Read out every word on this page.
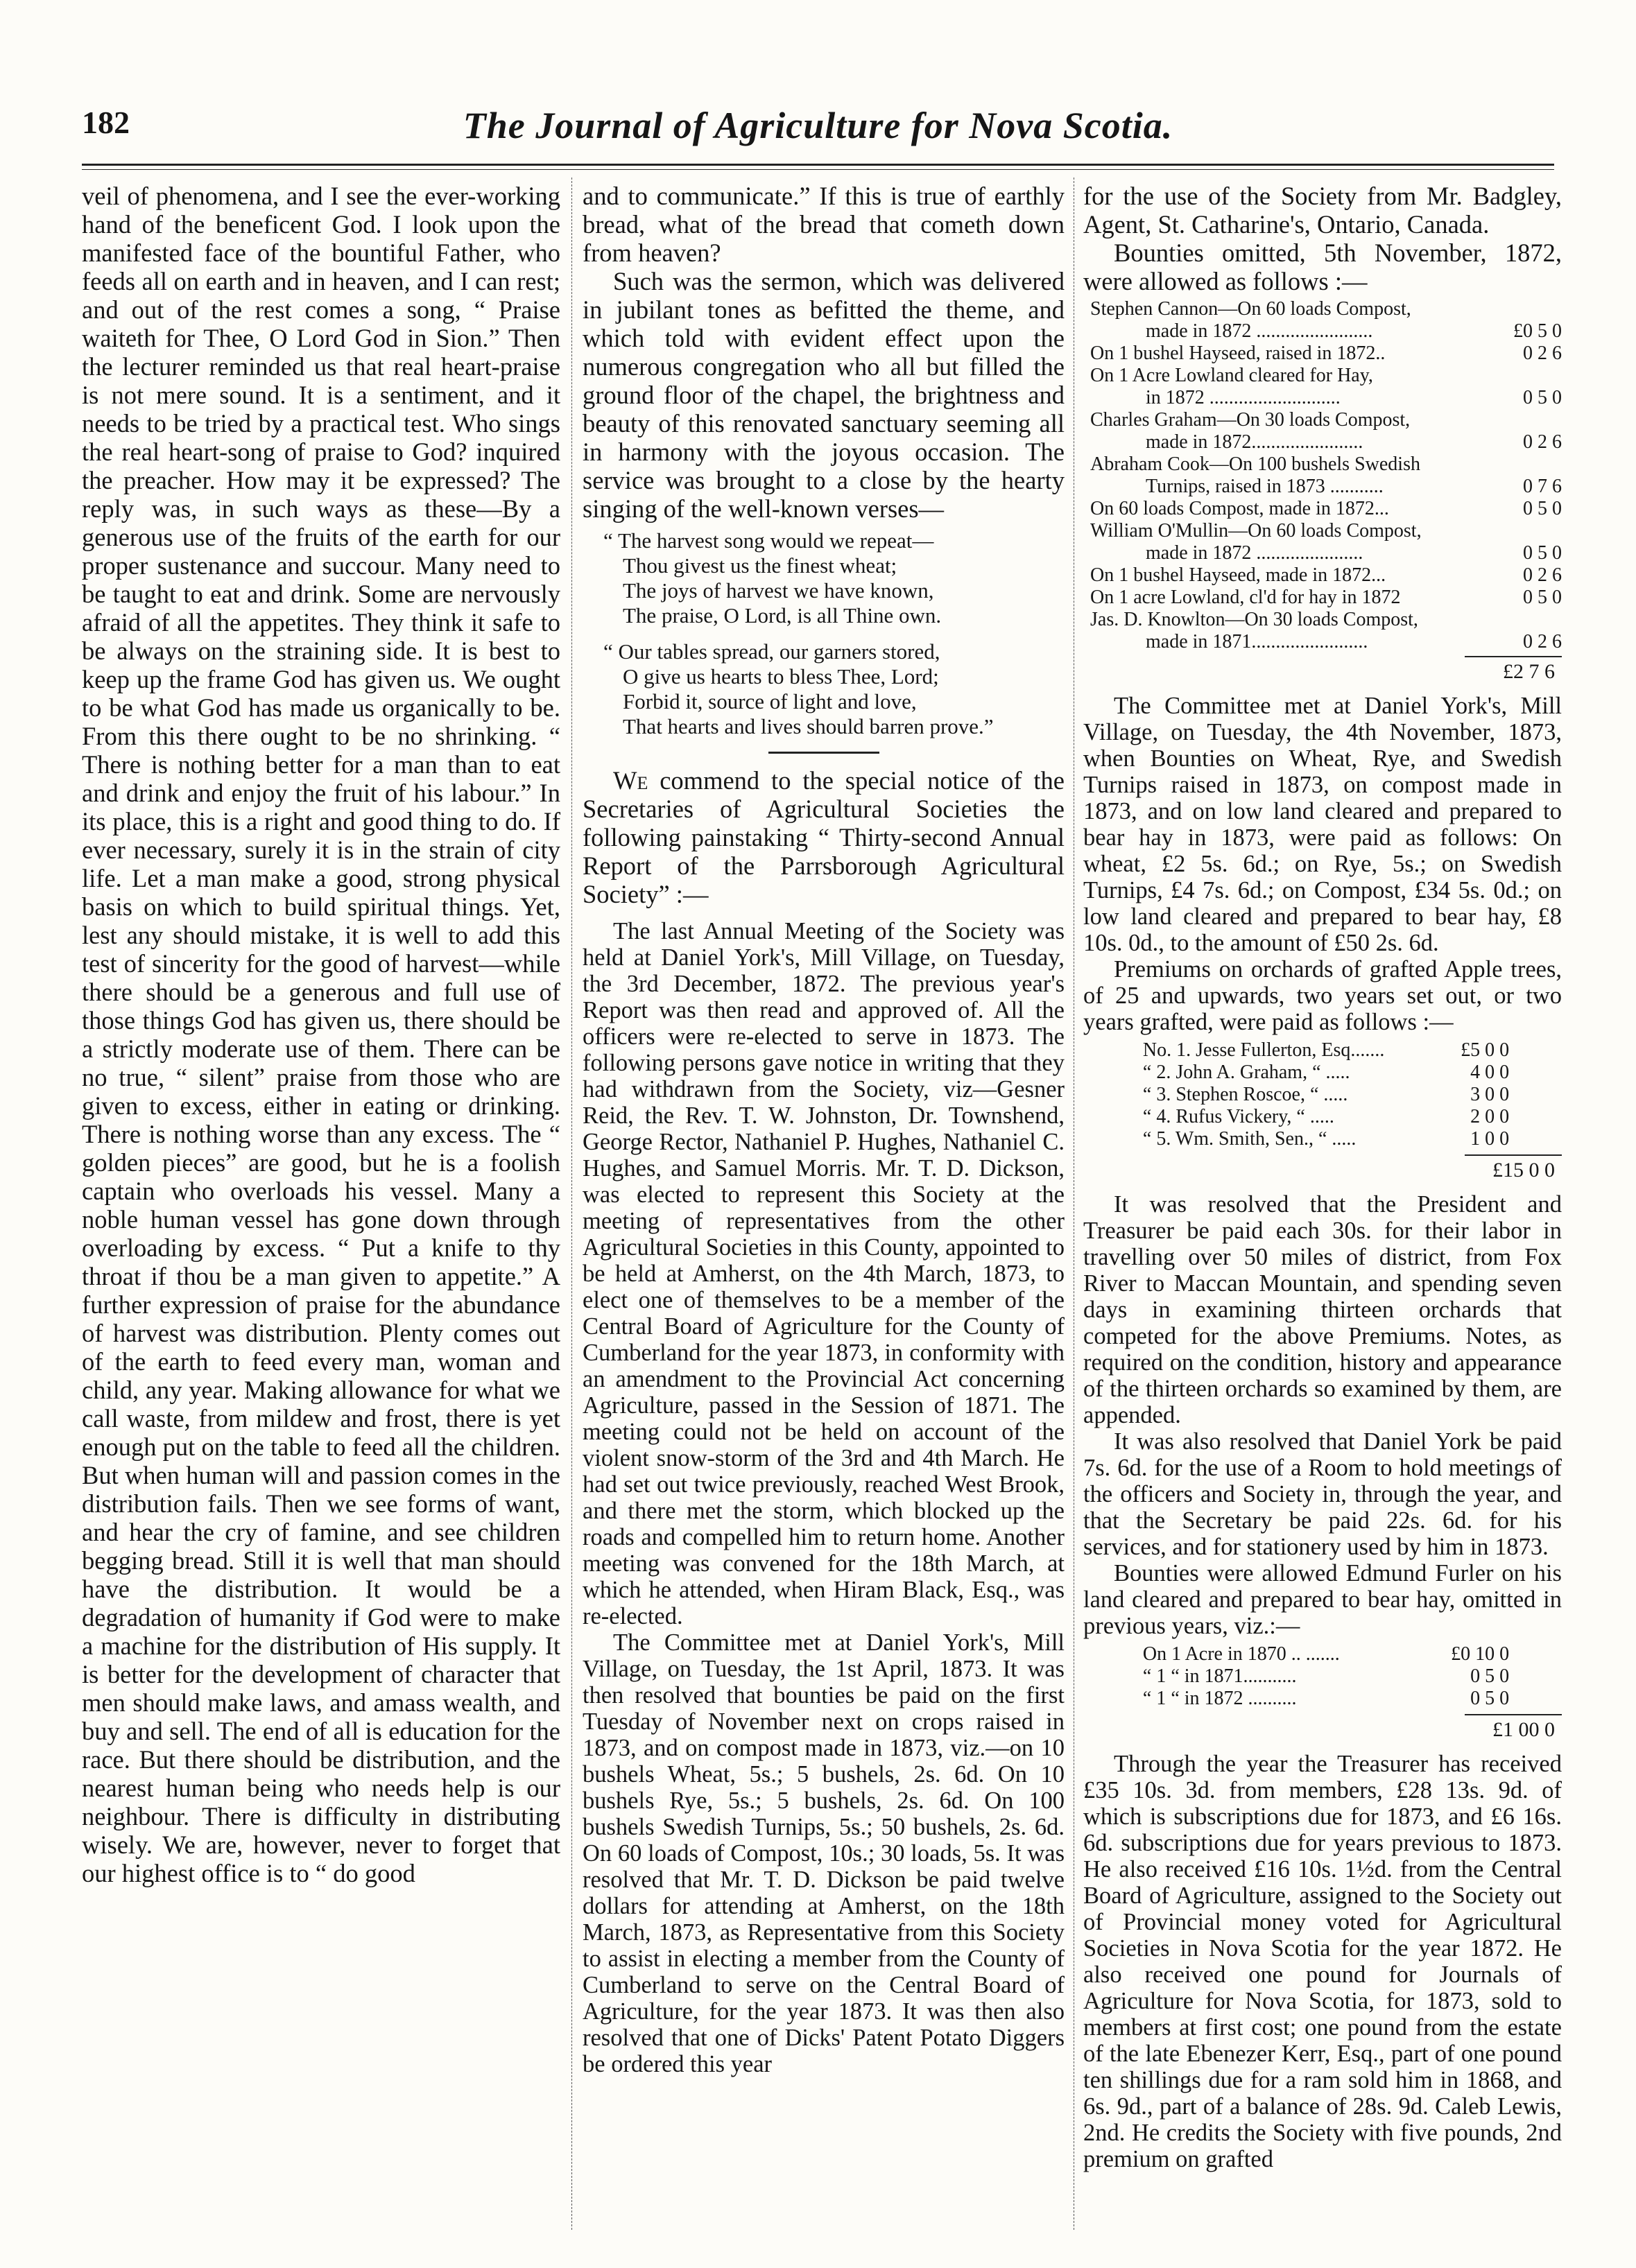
182	The Journal of Agriculture for Nova Scotia.

veil of phenomena, and I see the ever-working hand of the beneficent God. I look upon the manifested face of the bountiful Father, who feeds all on earth and in heaven, and I can rest; and out of the rest comes a song, “ Praise waiteth for Thee, O Lord God in Sion.” Then the lecturer reminded us that real heart-praise is not mere sound. It is a sentiment, and it needs to be tried by a practical test. Who sings the real heart-song of praise to God? inquired the preacher. How may it be expressed? The reply was, in such ways as these—By a generous use of the fruits of the earth for our proper sustenance and succour. Many need to be taught to eat and drink. Some are nervously afraid of all the appetites. They think it safe to be always on the straining side. It is best to keep up the frame God has given us. We ought to be what God has made us organically to be. From this there ought to be no shrinking. “ There is nothing better for a man than to eat and drink and enjoy the fruit of his labour.” In its place, this is a right and good thing to do. If ever necessary, surely it is in the strain of city life. Let a man make a good, strong physical basis on which to build spiritual things. Yet, lest any should mistake, it is well to add this test of sincerity for the good of harvest—while there should be a generous and full use of those things God has given us, there should be a strictly moderate use of them. There can be no true, “ silent” praise from those who are given to excess, either in eating or drinking. There is nothing worse than any excess. The “ golden pieces” are good, but he is a foolish captain who overloads his vessel. Many a noble human vessel has gone down through overloading by excess. “ Put a knife to thy throat if thou be a man given to appetite.” A further expression of praise for the abundance of harvest was distribution. Plenty comes out of the earth to feed every man, woman and child, any year. Making allowance for what we call waste, from mildew and frost, there is yet enough put on the table to feed all the children. But when human will and passion comes in the distribution fails. Then we see forms of want, and hear the cry of famine, and see children begging bread. Still it is well that man should have the distribution. It would be a degradation of humanity if God were to make a machine for the distribution of His supply. It is better for the development of character that men should make laws, and amass wealth, and buy and sell. The end of all is education for the race. But there should be distribution, and the nearest human being who needs help is our neighbour. There is difficulty in distributing wisely. We are, however, never to forget that our highest office is to “ do good

and to communicate.” If this is true of earthly bread, what of the bread that cometh down from heaven?

Such was the sermon, which was delivered in jubilant tones as befitted the theme, and which told with evident effect upon the numerous congregation who all but filled the ground floor of the chapel, the brightness and beauty of this renovated sanctuary seeming all in harmony with the joyous occasion. The service was brought to a close by the hearty singing of the well-known verses—

“ The harvest song would we repeat—
Thou givest us the finest wheat;
The joys of harvest we have known,
The praise, O Lord, is all Thine own.
“ Our tables spread, our garners stored,
O give us hearts to bless Thee, Lord;
Forbid it, source of light and love,
That hearts and lives should barren prove.”

We commend to the special notice of the Secretaries of Agricultural Societies the following painstaking “ Thirty-second Annual Report of the Parrsborough Agricultural Society” :—

The last Annual Meeting of the Society was held at Daniel York's, Mill Village, on Tuesday, the 3rd December, 1872. The previous year's Report was then read and approved of. All the officers were re-elected to serve in 1873. The following persons gave notice in writing that they had withdrawn from the Society, viz—Gesner Reid, the Rev. T. W. Johnston, Dr. Townshend, George Rector, Nathaniel P. Hughes, Nathaniel C. Hughes, and Samuel Morris. Mr. T. D. Dickson, was elected to represent this Society at the meeting of representatives from the other Agricultural Societies in this County, appointed to be held at Amherst, on the 4th March, 1873, to elect one of themselves to be a member of the Central Board of Agriculture for the County of Cumberland for the year 1873, in conformity with an amendment to the Provincial Act concerning Agriculture, passed in the Session of 1871. The meeting could not be held on account of the violent snow-storm of the 3rd and 4th March. He had set out twice previously, reached West Brook, and there met the storm, which blocked up the roads and compelled him to return home. Another meeting was convened for the 18th March, at which he attended, when Hiram Black, Esq., was re-elected.

The Committee met at Daniel York's, Mill Village, on Tuesday, the 1st April, 1873. It was then resolved that bounties be paid on the first Tuesday of November next on crops raised in 1873, and on compost made in 1873, viz.—on 10 bushels Wheat, 5s.; 5 bushels, 2s. 6d. On 10 bushels Rye, 5s.; 5 bushels, 2s. 6d. On 100 bushels Swedish Turnips, 5s.; 50 bushels, 2s. 6d. On 60 loads of Compost, 10s.; 30 loads, 5s. It was resolved that Mr. T. D. Dickson be paid twelve dollars for attending at Amherst, on the 18th March, 1873, as Representative from this Society to assist in electing a member from the County of Cumberland to serve on the Central Board of Agriculture, for the year 1873. It was then also resolved that one of Dicks' Patent Potato Diggers be ordered this year

for the use of the Society from Mr. Badgley, Agent, St. Catharine's, Ontario, Canada.

Bounties omitted, 5th November, 1872, were allowed as follows :—

Stephen Cannon—On 60 loads Compost,
made in 1872 ........................	£0 5 0
On 1 bushel Hayseed, raised in 1872..	0 2 6
On 1 Acre Lowland cleared for Hay,
in 1872 ...........................	0 5 0
Charles Graham—On 30 loads Compost,
made in 1872.......................	0 2 6
Abraham Cook—On 100 bushels Swedish
Turnips, raised in 1873 ...........	0 7 6
On 60 loads Compost, made in 1872...	0 5 0
William O'Mullin—On 60 loads Compost,
made in 1872 ......................	0 5 0
On 1 bushel Hayseed, made in 1872...	0 2 6
On 1 acre Lowland, cl'd for hay in 1872	0 5 0
Jas. D. Knowlton—On 30 loads Compost,
made in 1871........................	0 2 6
£2 7 6

The Committee met at Daniel York's, Mill Village, on Tuesday, the 4th November, 1873, when Bounties on Wheat, Rye, and Swedish Turnips raised in 1873, on compost made in 1873, and on low land cleared and prepared to bear hay in 1873, were paid as follows: On wheat, £2 5s. 6d.; on Rye, 5s.; on Swedish Turnips, £4 7s. 6d.; on Compost, £34 5s. 0d.; on low land cleared and prepared to bear hay, £8 10s. 0d., to the amount of £50 2s. 6d.

Premiums on orchards of grafted Apple trees, of 25 and upwards, two years set out, or two years grafted, were paid as follows :—

No. 1. Jesse Fullerton, Esq.......	£5 0 0
“ 2. John A. Graham, “ .....	4 0 0
“ 3. Stephen Roscoe, “ .....	3 0 0
“ 4. Rufus Vickery, “ .....	2 0 0
“ 5. Wm. Smith, Sen., “ .....	1 0 0
£15 0 0

It was resolved that the President and Treasurer be paid each 30s. for their labor in travelling over 50 miles of district, from Fox River to Maccan Mountain, and spending seven days in examining thirteen orchards that competed for the above Premiums. Notes, as required on the condition, history and appearance of the thirteen orchards so examined by them, are appended.

It was also resolved that Daniel York be paid 7s. 6d. for the use of a Room to hold meetings of the officers and Society in, through the year, and that the Secretary be paid 22s. 6d. for his services, and for stationery used by him in 1873.

Bounties were allowed Edmund Furler on his land cleared and prepared to bear hay, omitted in previous years, viz.:—

On 1 Acre in 1870 .. .......	£0 10 0
“ 1 “ in 1871...........	0 5 0
“ 1 “ in 1872 ..........	0 5 0
£1 00 0

Through the year the Treasurer has received £35 10s. 3d. from members, £28 13s. 9d. of which is subscriptions due for 1873, and £6 16s. 6d. subscriptions due for years previous to 1873. He also received £16 10s. 1½d. from the Central Board of Agriculture, assigned to the Society out of Provincial money voted for Agricultural Societies in Nova Scotia for the year 1872. He also received one pound for Journals of Agriculture for Nova Scotia, for 1873, sold to members at first cost; one pound from the estate of the late Ebenezer Kerr, Esq., part of one pound ten shillings due for a ram sold him in 1868, and 6s. 9d., part of a balance of 28s. 9d. Caleb Lewis, 2nd. He credits the Society with five pounds, 2nd premium on grafted
